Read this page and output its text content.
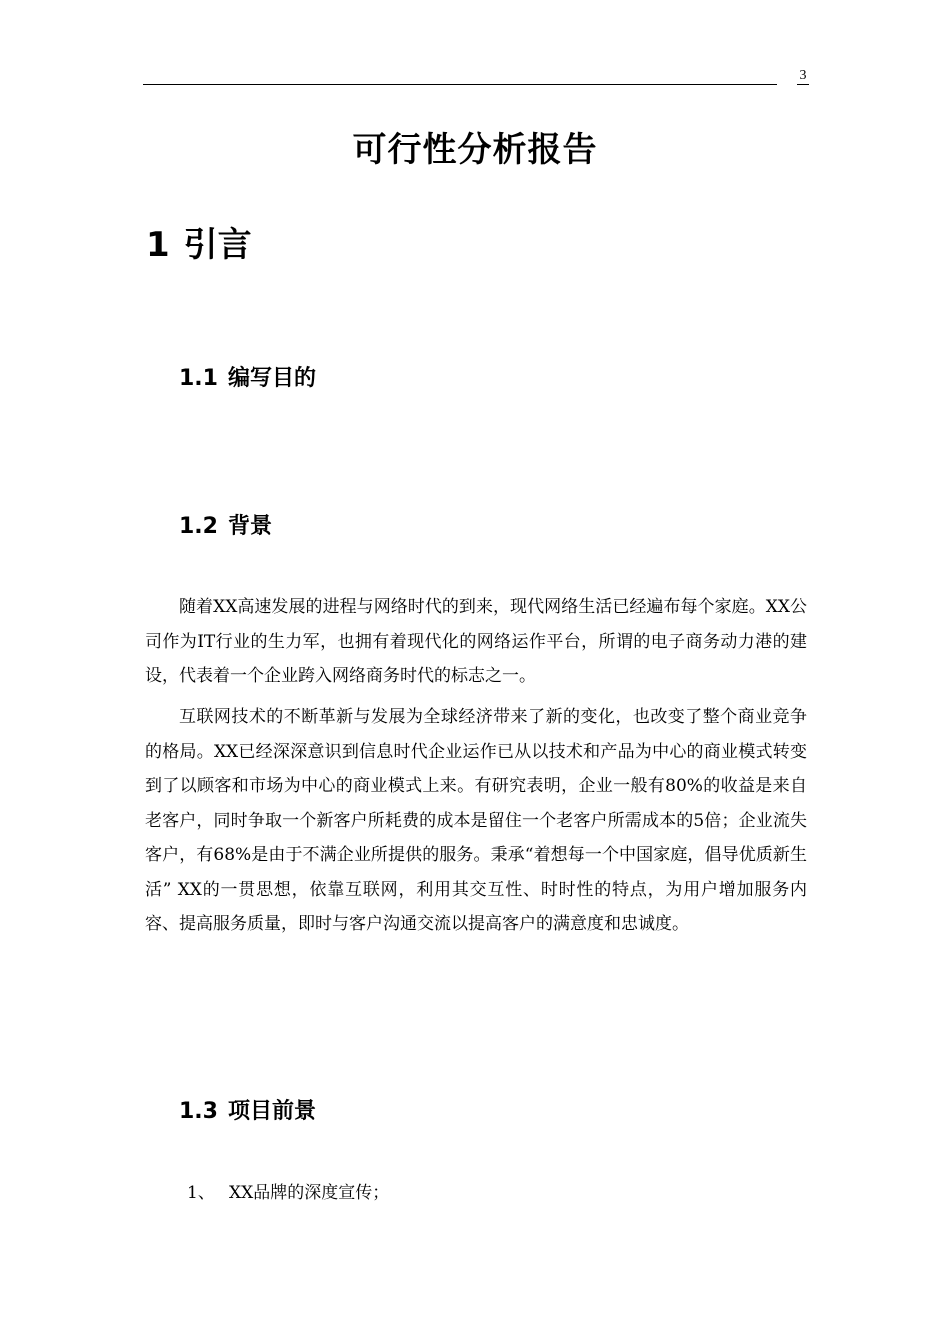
3
可行性分析报告
1 引言
1.1 编写目的
1.2 背景

随着XX高速发展的进程与网络时代的到来，现代网络生活已经遍布每个家庭。XX公司作为IT行业的生力军，也拥有着现代化的网络运作平台，所谓的电子商务动力港的建设，代表着一个企业跨入网络商务时代的标志之一。

互联网技术的不断革新与发展为全球经济带来了新的变化，也改变了整个商业竞争的格局。XX已经深深意识到信息时代企业运作已从以技术和产品为中心的商业模式转变到了以顾客和市场为中心的商业模式上来。有研究表明，企业一般有80%的收益是来自老客户，同时争取一个新客户所耗费的成本是留住一个老客户所需成本的5倍；企业流失客户，有68%是由于不满企业所提供的服务。秉承“着想每一个中国家庭，倡导优质新生活” XX的一贯思想，依靠互联网，利用其交互性、时时性的特点，为用户增加服务内容、提高服务质量，即时与客户沟通交流以提高客户的满意度和忠诚度。

1.3 项目前景
1、 XX品牌的深度宣传；
